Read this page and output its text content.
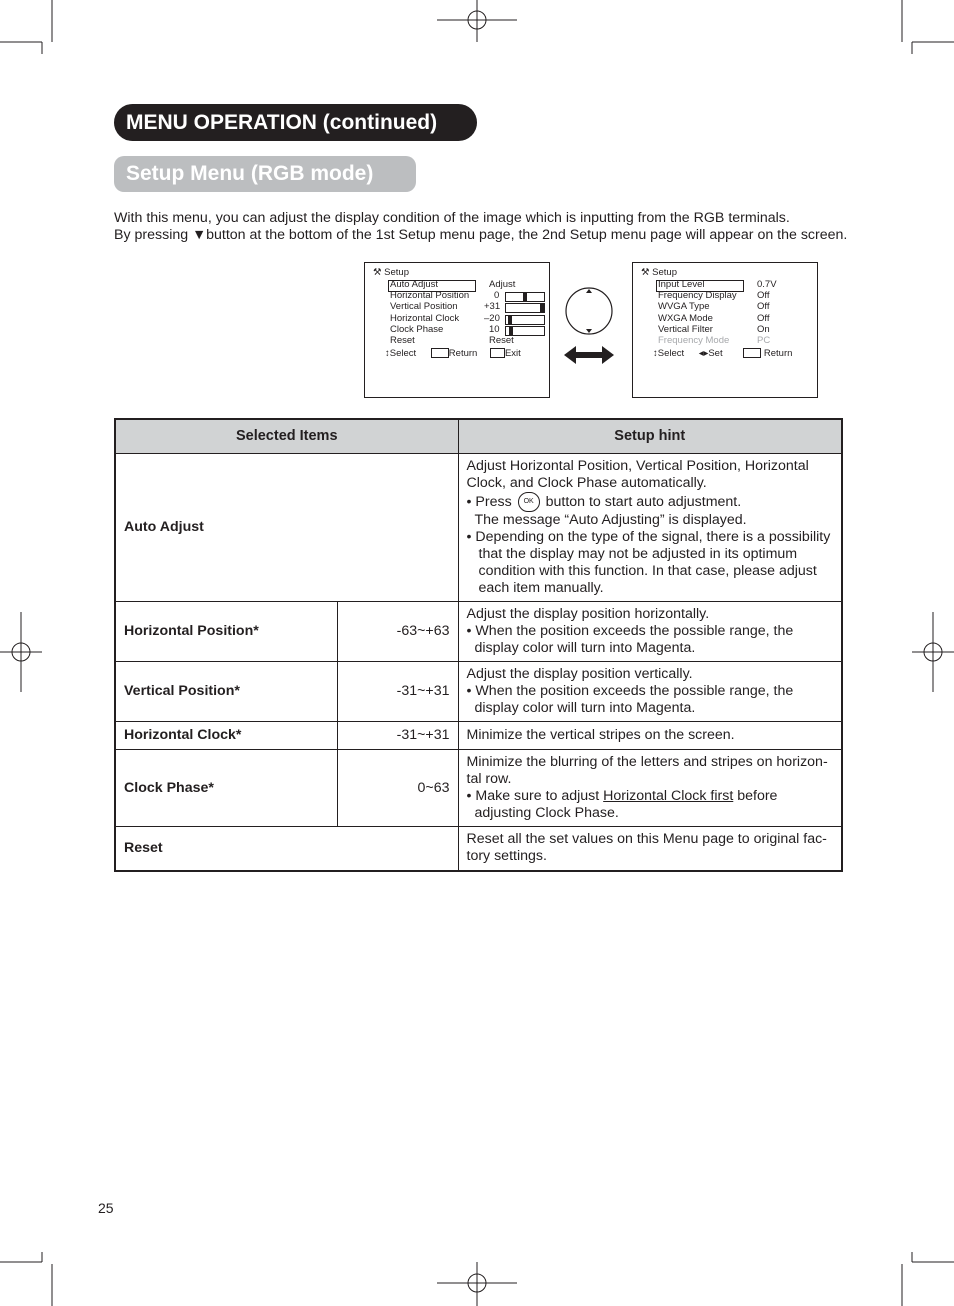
MENU OPERATION (continued)
Setup Menu (RGB mode)
With this menu, you can adjust the display condition of the image which is inputting from the RGB terminals.
By pressing ▼button at the bottom of the 1st Setup menu page, the 2nd Setup menu page will appear on the screen.
⚒ Setup
Auto Adjust	Adjust
Horizontal Position	0
Vertical Position	+31
Horizontal Clock	–20
Clock Phase	10
Reset	Reset
↕Select	Return	Exit
⚒ Setup
Input Level	0.7V
Frequency Display Off
WVGA Type	Off
WXGA Mode	Off
Vertical Filter	On
Frequency Mode	PC
↕Select ◂▸Set	Return
Selected Items		Setup hint
Auto Adjust		Adjust Horizontal Position, Vertical Position, Horizontal Clock, and Clock Phase automatically.
• Press OK button to start auto adjustment.
The message “Auto Adjusting” is displayed.
• Depending on the type of the signal, there is a possibility that the display may not be adjusted in its optimum condition with this function. In that case, please adjust each item manually.

Horizontal Position*	-63~+63	Adjust the display position horizontally.
• When the position exceeds the possible range, the display color will turn into Magenta.

Vertical Position*	-31~+31	Adjust the display position vertically.
• When the position exceeds the possible range, the display color will turn into Magenta.

Horizontal Clock*	-31~+31	Minimize the vertical stripes on the screen.
Clock Phase*	0~63	Minimize the blurring of the letters and stripes on horizon-tal row.
• Make sure to adjust Horizontal Clock first before adjusting Clock Phase.

Reset		Reset all the set values on this Menu page to original fac-tory settings.
25
